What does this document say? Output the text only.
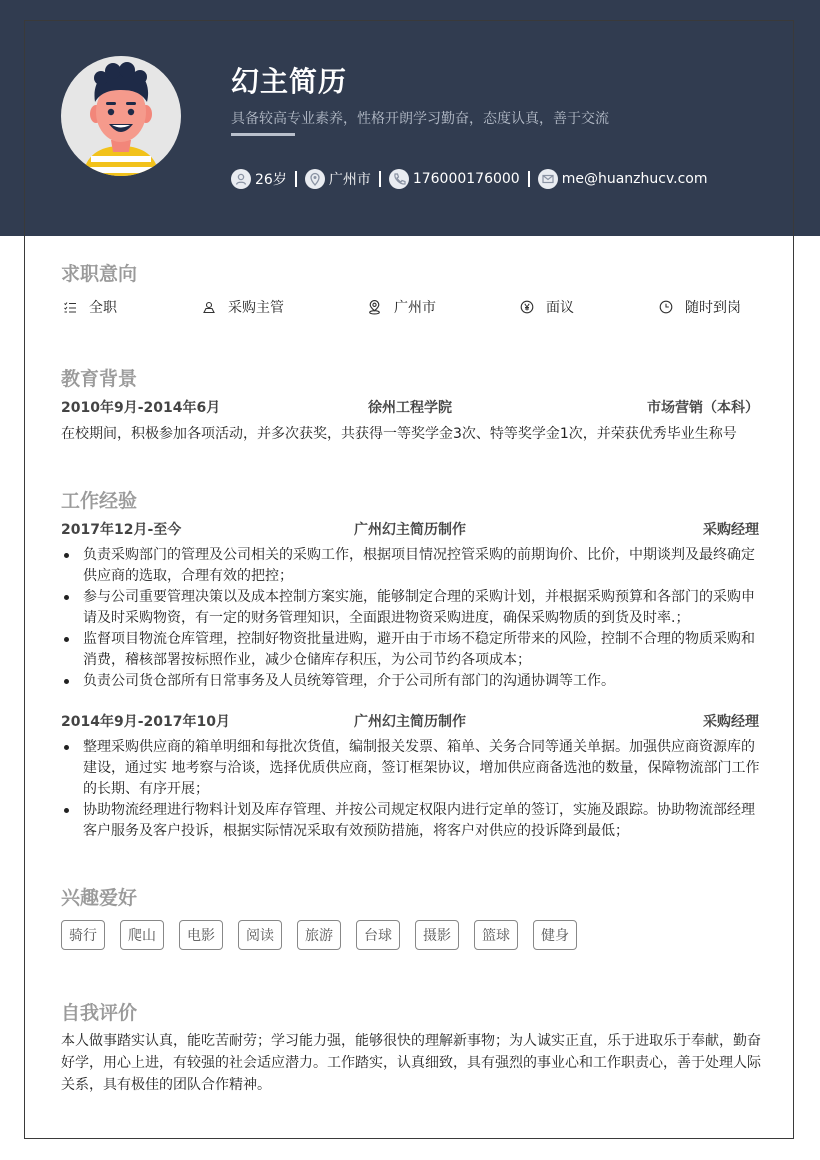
幻主简历
具备较高专业素养，性格开朗学习勤奋，态度认真，善于交流
26岁	广州市	176000176000	me@huanzhucv.com
求职意向
全职	采购主管	广州市	面议	随时到岗
教育背景
2010年9月-2014年6月	徐州工程学院	市场营销（本科）
在校期间，积极参加各项活动，并多次获奖，共获得一等奖学金3次、特等奖学金1次，并荣获优秀毕业生称号
工作经验
2017年12月-至今	广州幻主简历制作	采购经理
负责采购部门的管理及公司相关的采购工作，根据项目情况控管采购的前期询价、比价，中期谈判及最终确定供应商的选取，合理有效的把控；
参与公司重要管理决策以及成本控制方案实施，能够制定合理的采购计划，并根据采购预算和各部门的采购申请及时采购物资，有一定的财务管理知识，全面跟进物资采购进度，确保采购物质的到货及时率.；
监督项目物流仓库管理，控制好物资批量进购，避开由于市场不稳定所带来的风险，控制不合理的物质采购和消费，稽核部署按标照作业，减少仓储库存积压，为公司节约各项成本；
负责公司货仓部所有日常事务及人员统筹管理，介于公司所有部门的沟通协调等工作。
2014年9月-2017年10月	广州幻主简历制作	采购经理
整理采购供应商的箱单明细和每批次货值，编制报关发票、箱单、关务合同等通关单据。加强供应商资源库的建设，通过实 地考察与洽谈，选择优质供应商，签订框架协议，增加供应商备选池的数量，保障物流部门工作的长期、有序开展；
协助物流经理进行物料计划及库存管理、并按公司规定权限内进行定单的签订，实施及跟踪。协助物流部经理客户服务及客户投诉，根据实际情况采取有效预防措施，将客户对供应的投诉降到最低；
兴趣爱好
骑行	爬山	电影	阅读	旅游	台球	摄影	篮球	健身
自我评价
本人做事踏实认真，能吃苦耐劳；学习能力强，能够很快的理解新事物；为人诚实正直，乐于进取乐于奉献，勤奋好学，用心上进，有较强的社会适应潜力。工作踏实，认真细致，具有强烈的事业心和工作职责心，善于处理人际关系，具有极佳的团队合作精神。
